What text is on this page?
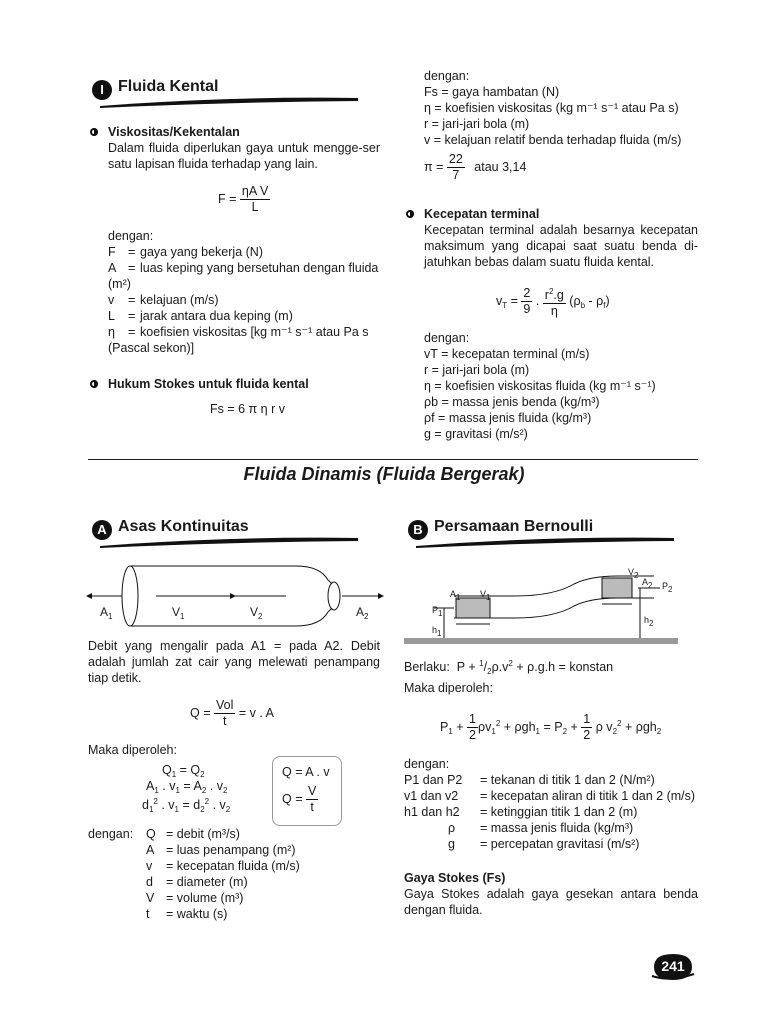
I Fluida Kental
Viskositas/Kekentalan
Dalam fluida diperlukan gaya untuk mengge-ser satu lapisan fluida terhadap yang lain.
$F = \frac{\text{ηA V}}{L}$
dengan:
F = gaya yang bekerja (N)
A = luas keping yang bersetuhan dengan fluida (m²)
v = kelajuan (m/s)
L = jarak antara dua keping (m)
η = koefisien viskositas [kg m⁻¹ s⁻¹ atau Pa s (Pascal sekon)]
Hukum Stokes untuk fluida kental
Fs = 6 π η r v
dengan:
Fs = gaya hambatan (N)
η = koefisien viskositas (kg m⁻¹ s⁻¹ atau Pa s)
r = jari-jari bola (m)
v = kelajuan relatif benda terhadap fluida (m/s)
$\pi = \frac{22}{7}$ atau 3,14
Kecepatan terminal
Kecepatan terminal adalah besarnya kecepatan maksimum yang dicapai saat suatu benda di-jatuhkan bebas dalam suatu fluida kental.
$v_T = \frac{2}{9}$ . $\frac{r^2.g}{\eta} (\rho_b - \rho_f)$
dengan:
vT = kecepatan terminal (m/s)
r = jari-jari bola (m)
η = koefisien viskositas fluida (kg m⁻¹ s⁻¹)
ρb = massa jenis benda (kg/m³)
ρf = massa jenis fluida (kg/m³)
g = gravitasi (m/s²)
Fluida Dinamis (Fluida Bergerak)
A Asas Kontinuitas
$A_1$	$V_1$	$V_2$	$A_2$
Debit yang mengalir pada A1 = pada A2. Debit adalah jumlah zat cair yang melewati penampang tiap detik.
$Q = \frac{\text{Vol}}{t} = v$ . A
Maka diperoleh:
$Q_1 = Q_2$
$A_1$ . $v_1 = A_2$ . $v_2$
$d_1^2$ . $v_1 = d_2^2$ . $v_2$
Q = A . v
$Q = \frac{V}{t}$
dengan: Q = debit (m³/s)
A = luas penampang (m²)
v = kecepatan fluida (m/s)
d = diameter (m)
V = volume (m³)
t = waktu (s)
B Persamaan Bernoulli
A1 V1
P1
h1
V2
A2 P2
h2
Berlaku:  $P + ^1/_2\rho.v^2 + \rho.g.h$ = konstan
Maka diperoleh:
$P_1 + \frac{1}{2} \rho v_1^2 + \rho gh_1 = P_2 + \frac{1}{2}$ ρ $v_2^2 + \rho gh_2$
dengan:
P1 dan P2 = tekanan di titik 1 dan 2 (N/m²)
v1 dan v2 = kecepatan aliran di titik 1 dan 2 (m/s)
h1 dan h2 = ketinggian titik 1 dan 2 (m)
ρ = massa jenis fluida (kg/m³)
g = percepatan gravitasi (m/s²)
Gaya Stokes (Fs)
Gaya Stokes adalah gaya gesekan antara benda dengan fluida.
241
